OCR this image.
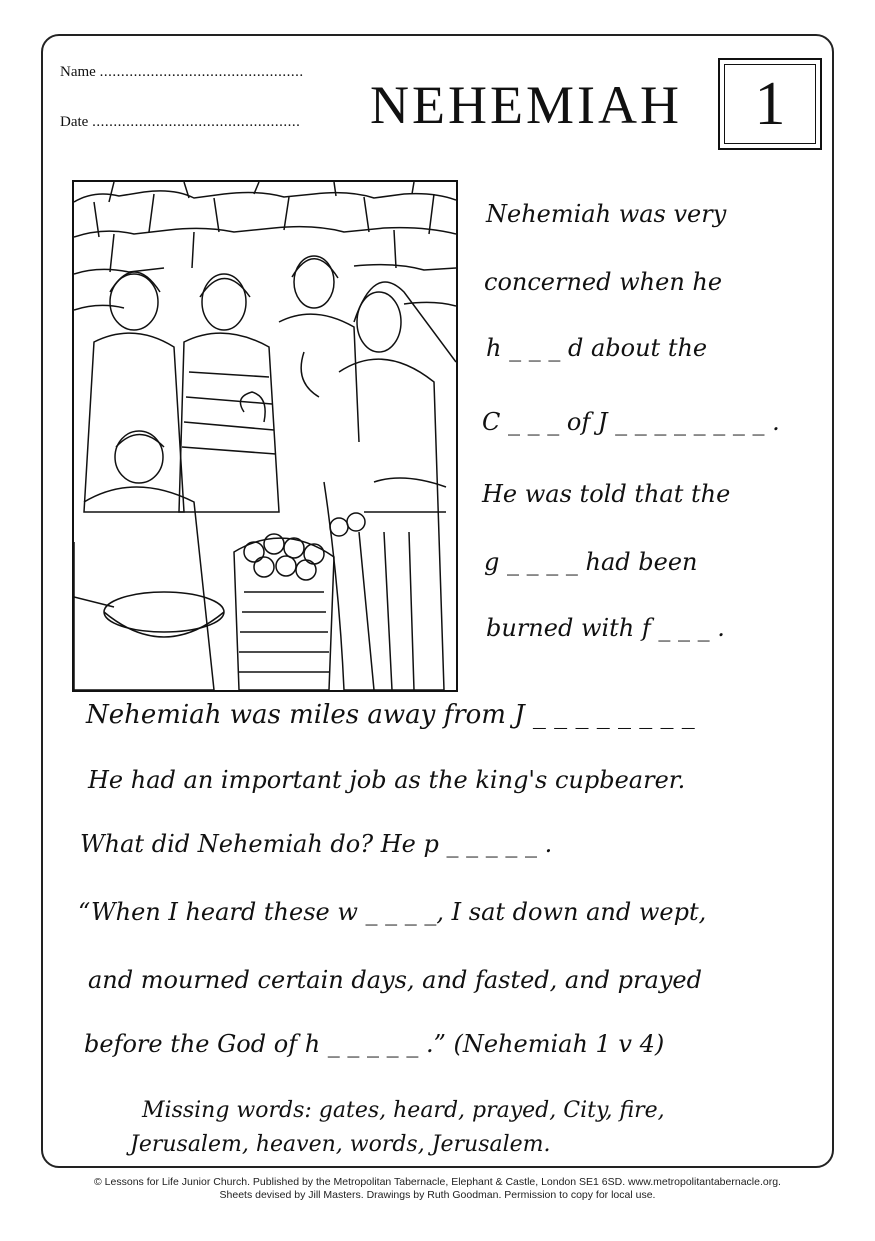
Name ................................................
Date ................................................. NEHEMIAH	1
Nehemiah was very
concerned when he
h _ _ _ d about the
C _ _ _ of J _ _ _ _ _ _ _ _ .
He was told that the
g _ _ _ _ had been
burned with f _ _ _ .
Nehemiah was miles away from J _ _ _ _ _ _ _ _
He had an important job as the king's cupbearer.
What did Nehemiah do? He p _ _ _ _ _ .
“When I heard these w _ _ _ _, I sat down and wept,
and mourned certain days, and fasted, and prayed
before the God of h _ _ _ _ _ .” (Nehemiah 1 v 4)
Missing words: gates, heard, prayed, City, fire,
Jerusalem, heaven, words, Jerusalem.
© Lessons for Life Junior Church. Published by the Metropolitan Tabernacle, Elephant & Castle, London SE1 6SD. www.metropolitantabernacle.org.
Sheets devised by Jill Masters. Drawings by Ruth Goodman. Permission to copy for local use.
